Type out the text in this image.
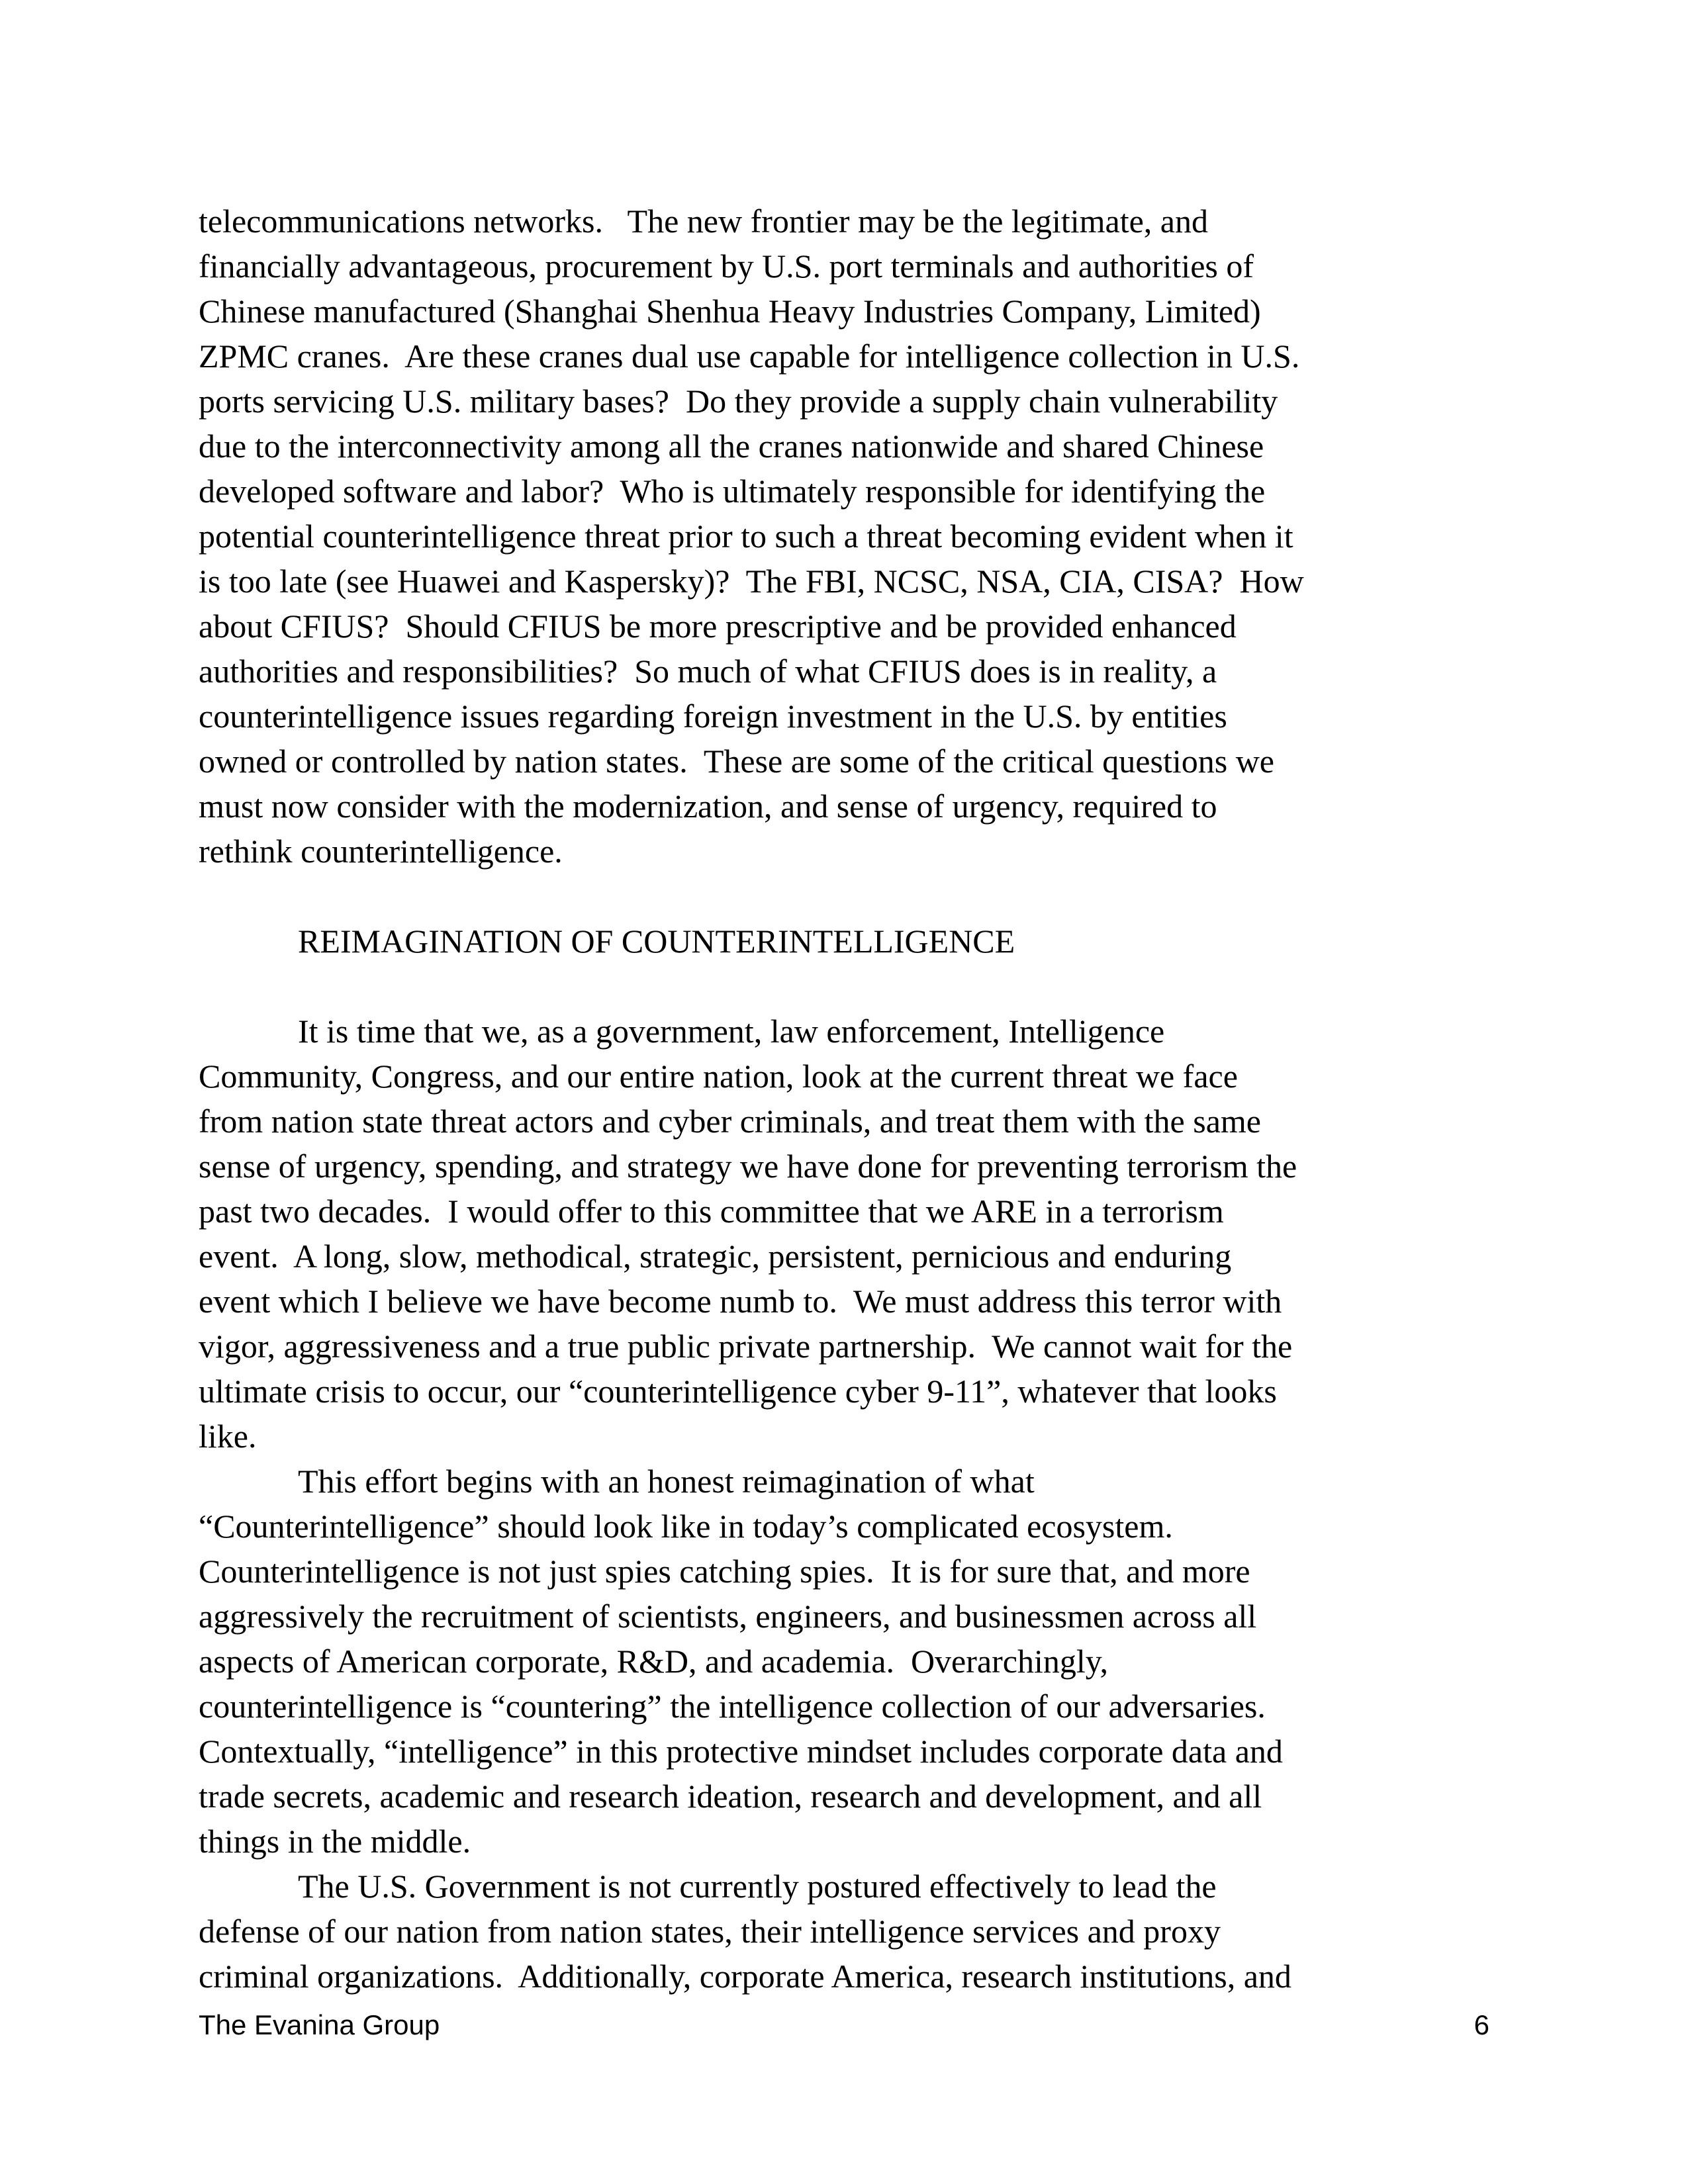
telecommunications networks.   The new frontier may be the legitimate, and
financially advantageous, procurement by U.S. port terminals and authorities of
Chinese manufactured (Shanghai Shenhua Heavy Industries Company, Limited)
ZPMC cranes.  Are these cranes dual use capable for intelligence collection in U.S.
ports servicing U.S. military bases?  Do they provide a supply chain vulnerability
due to the interconnectivity among all the cranes nationwide and shared Chinese
developed software and labor?  Who is ultimately responsible for identifying the
potential counterintelligence threat prior to such a threat becoming evident when it
is too late (see Huawei and Kaspersky)?  The FBI, NCSC, NSA, CIA, CISA?  How
about CFIUS?  Should CFIUS be more prescriptive and be provided enhanced
authorities and responsibilities?  So much of what CFIUS does is in reality, a
counterintelligence issues regarding foreign investment in the U.S. by entities
owned or controlled by nation states.  These are some of the critical questions we
must now consider with the modernization, and sense of urgency, required to
rethink counterintelligence.
REIMAGINATION OF COUNTERINTELLIGENCE
It is time that we, as a government, law enforcement, Intelligence
Community, Congress, and our entire nation, look at the current threat we face
from nation state threat actors and cyber criminals, and treat them with the same
sense of urgency, spending, and strategy we have done for preventing terrorism the
past two decades.  I would offer to this committee that we ARE in a terrorism
event.  A long, slow, methodical, strategic, persistent, pernicious and enduring
event which I believe we have become numb to.  We must address this terror with
vigor, aggressiveness and a true public private partnership.  We cannot wait for the
ultimate crisis to occur, our “counterintelligence cyber 9-11”, whatever that looks
like.
This effort begins with an honest reimagination of what
“Counterintelligence” should look like in today’s complicated ecosystem.
Counterintelligence is not just spies catching spies.  It is for sure that, and more
aggressively the recruitment of scientists, engineers, and businessmen across all
aspects of American corporate, R&D, and academia.  Overarchingly,
counterintelligence is “countering” the intelligence collection of our adversaries.
Contextually, “intelligence” in this protective mindset includes corporate data and
trade secrets, academic and research ideation, research and development, and all
things in the middle.
The U.S. Government is not currently postured effectively to lead the
defense of our nation from nation states, their intelligence services and proxy
criminal organizations.  Additionally, corporate America, research institutions, and
The Evanina Group	6
